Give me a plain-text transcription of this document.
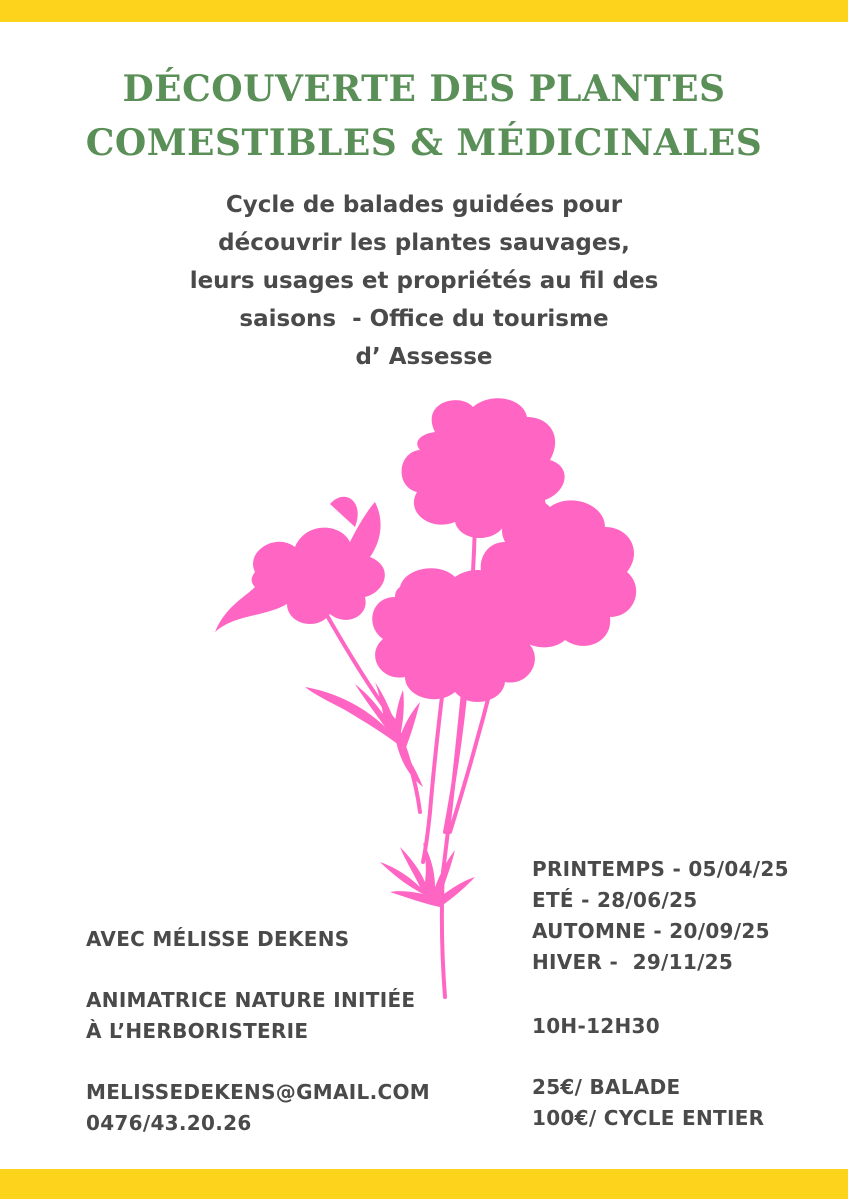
DÉCOUVERTE DES PLANTES
COMESTIBLES & MÉDICINALES
Cycle de balades guidées pour
découvrir les plantes sauvages,
leurs usages et propriétés au fil des
saisons  - Office du tourisme
d’ Assesse
AVEC MÉLISSE DEKENS
ANIMATRICE NATURE INITIÉE
À L’HERBORISTERIE
MELISSEDEKENS@GMAIL.COM
0476/43.20.26
PRINTEMPS - 05/04/25
ETÉ - 28/06/25
AUTOMNE - 20/09/25
HIVER -  29/11/25
10H-12H30
25€/ BALADE
100€/ CYCLE ENTIER
